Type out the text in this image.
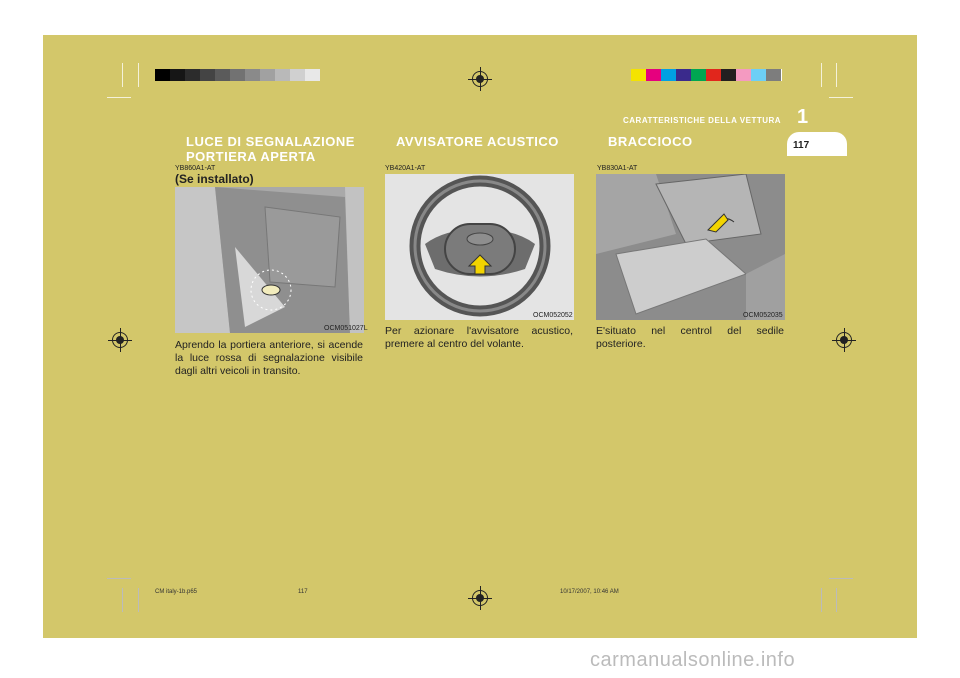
CARATTERISTICHE DELLA VETTURA 1
117
LUCE DI SEGNALAZIONE
PORTIERA APERTA
YB860A1-AT
(Se installato)
OCM051027L
Aprendo la portiera anteriore, si acende la luce rossa di segnalazione visibile dagli altri veicoli in transito.
AVVISATORE ACUSTICO
YB420A1-AT
OCM052052
Per azionare l'avvisatore acustico, premere al centro del volante.
BRACCIOCO
YB830A1-AT
OCM052035
E'situato nel centrol del sedile posteriore.
CM italy-1b.p65	117	10/17/2007, 10:46 AM
carmanualsonline.info
